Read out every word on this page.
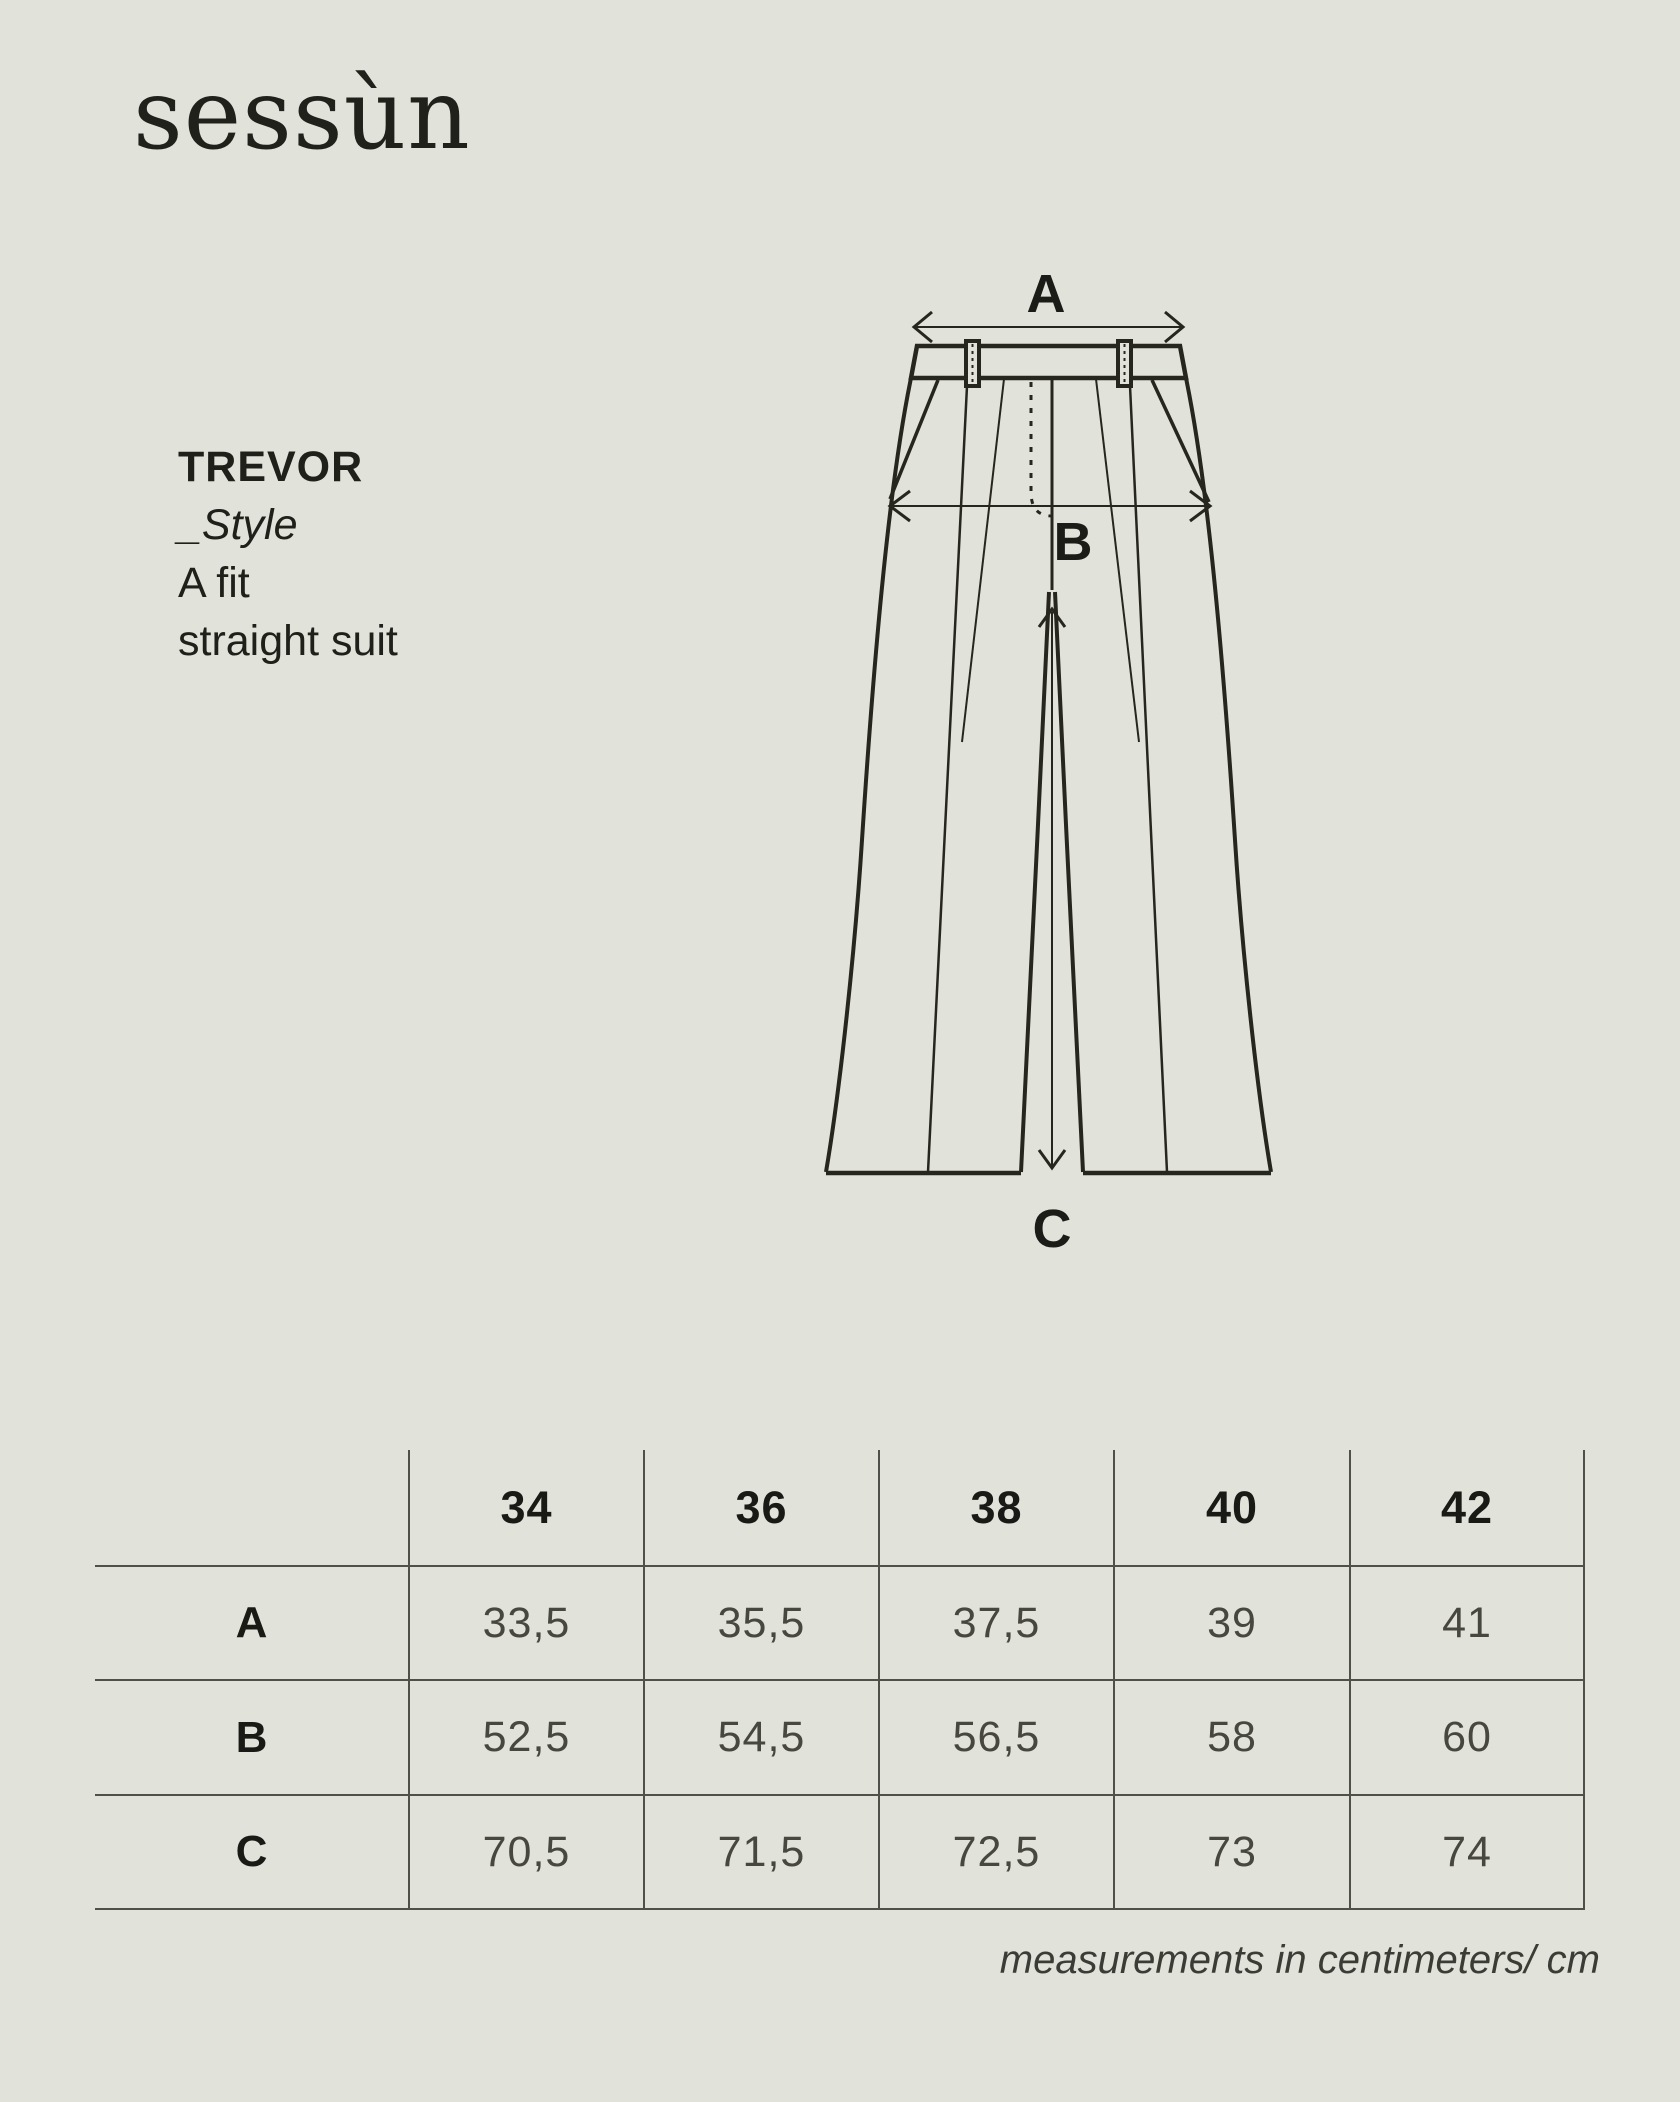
sessùn
TREVOR
_Style
A fit
straight suit
A
B
C
34	36	38	40	42
A	33,5	35,5	37,5	39	41
B	52,5	54,5	56,5	58	60
C	70,5	71,5	72,5	73	74
measurements in centimeters/ cm
